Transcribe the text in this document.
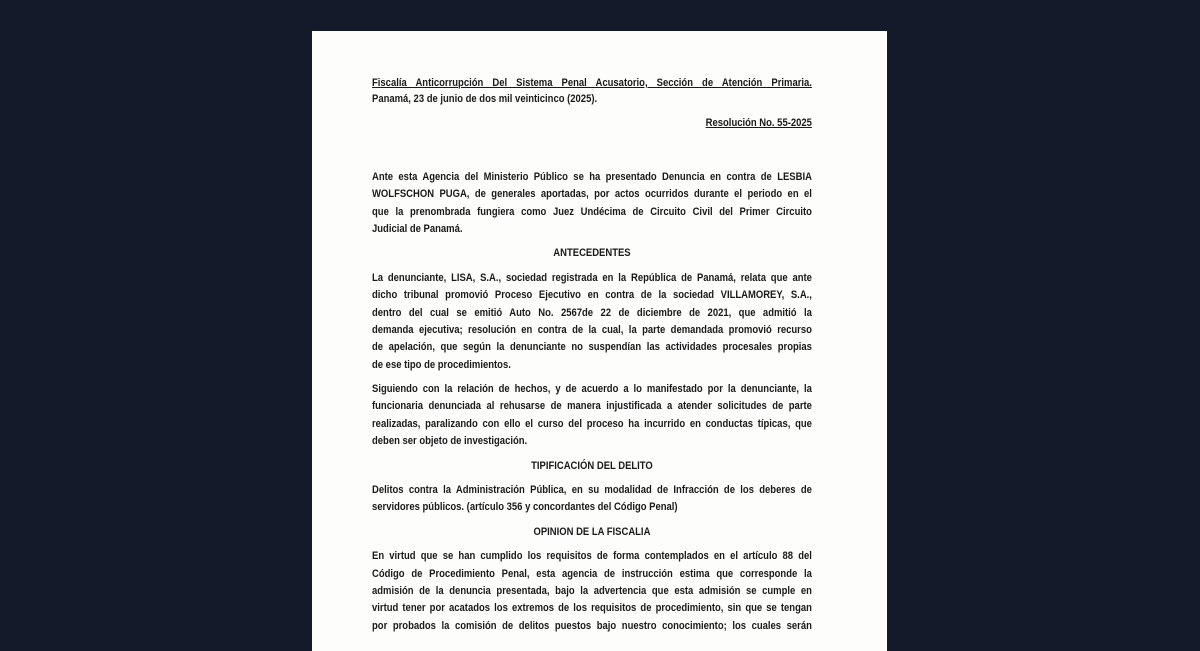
Fiscalía Anticorrupción Del Sistema Penal Acusatorio, Sección de Atención Primaria.
Panamá, 23 de junio de dos mil veinticinco (2025).
Resolución No. 55-2025
Ante esta Agencia del Ministerio Público se ha presentado Denuncia en contra de LESBIA
WOLFSCHON PUGA, de generales aportadas, por actos ocurridos durante el periodo en el
que la prenombrada fungiera como Juez Undécima de Circuito Civil del Primer Circuito
Judicial de Panamá.
ANTECEDENTES
La denunciante, LISA, S.A., sociedad registrada en la República de Panamá, relata que ante
dicho tribunal promovió Proceso Ejecutivo en contra de la sociedad VILLAMOREY, S.A.,
dentro del cual se emitió Auto No. 2567de 22 de diciembre de 2021, que admitió la
demanda ejecutiva; resolución en contra de la cual, la parte demandada promovió recurso
de apelación, que según la denunciante no suspendían las actividades procesales propias
de ese tipo de procedimientos.
Siguiendo con la relación de hechos, y de acuerdo a lo manifestado por la denunciante, la
funcionaria denunciada al rehusarse de manera injustificada a atender solicitudes de parte
realizadas, paralizando con ello el curso del proceso ha incurrido en conductas típicas, que
deben ser objeto de investigación.
TIPIFICACIÓN DEL DELITO
Delitos contra la Administración Pública, en su modalidad de Infracción de los deberes de
servidores públicos. (artículo 356 y concordantes del Código Penal)
OPINION DE LA FISCALIA
En virtud que se han cumplido los requisitos de forma contemplados en el artículo 88 del
Código de Procedimiento Penal, esta agencia de instrucción estima que corresponde la
admisión de la denuncia presentada, bajo la advertencia que esta admisión se cumple en
virtud tener por acatados los extremos de los requisitos de procedimiento, sin que se tengan
por probados la comisión de delitos puestos bajo nuestro conocimiento; los cuales serán
